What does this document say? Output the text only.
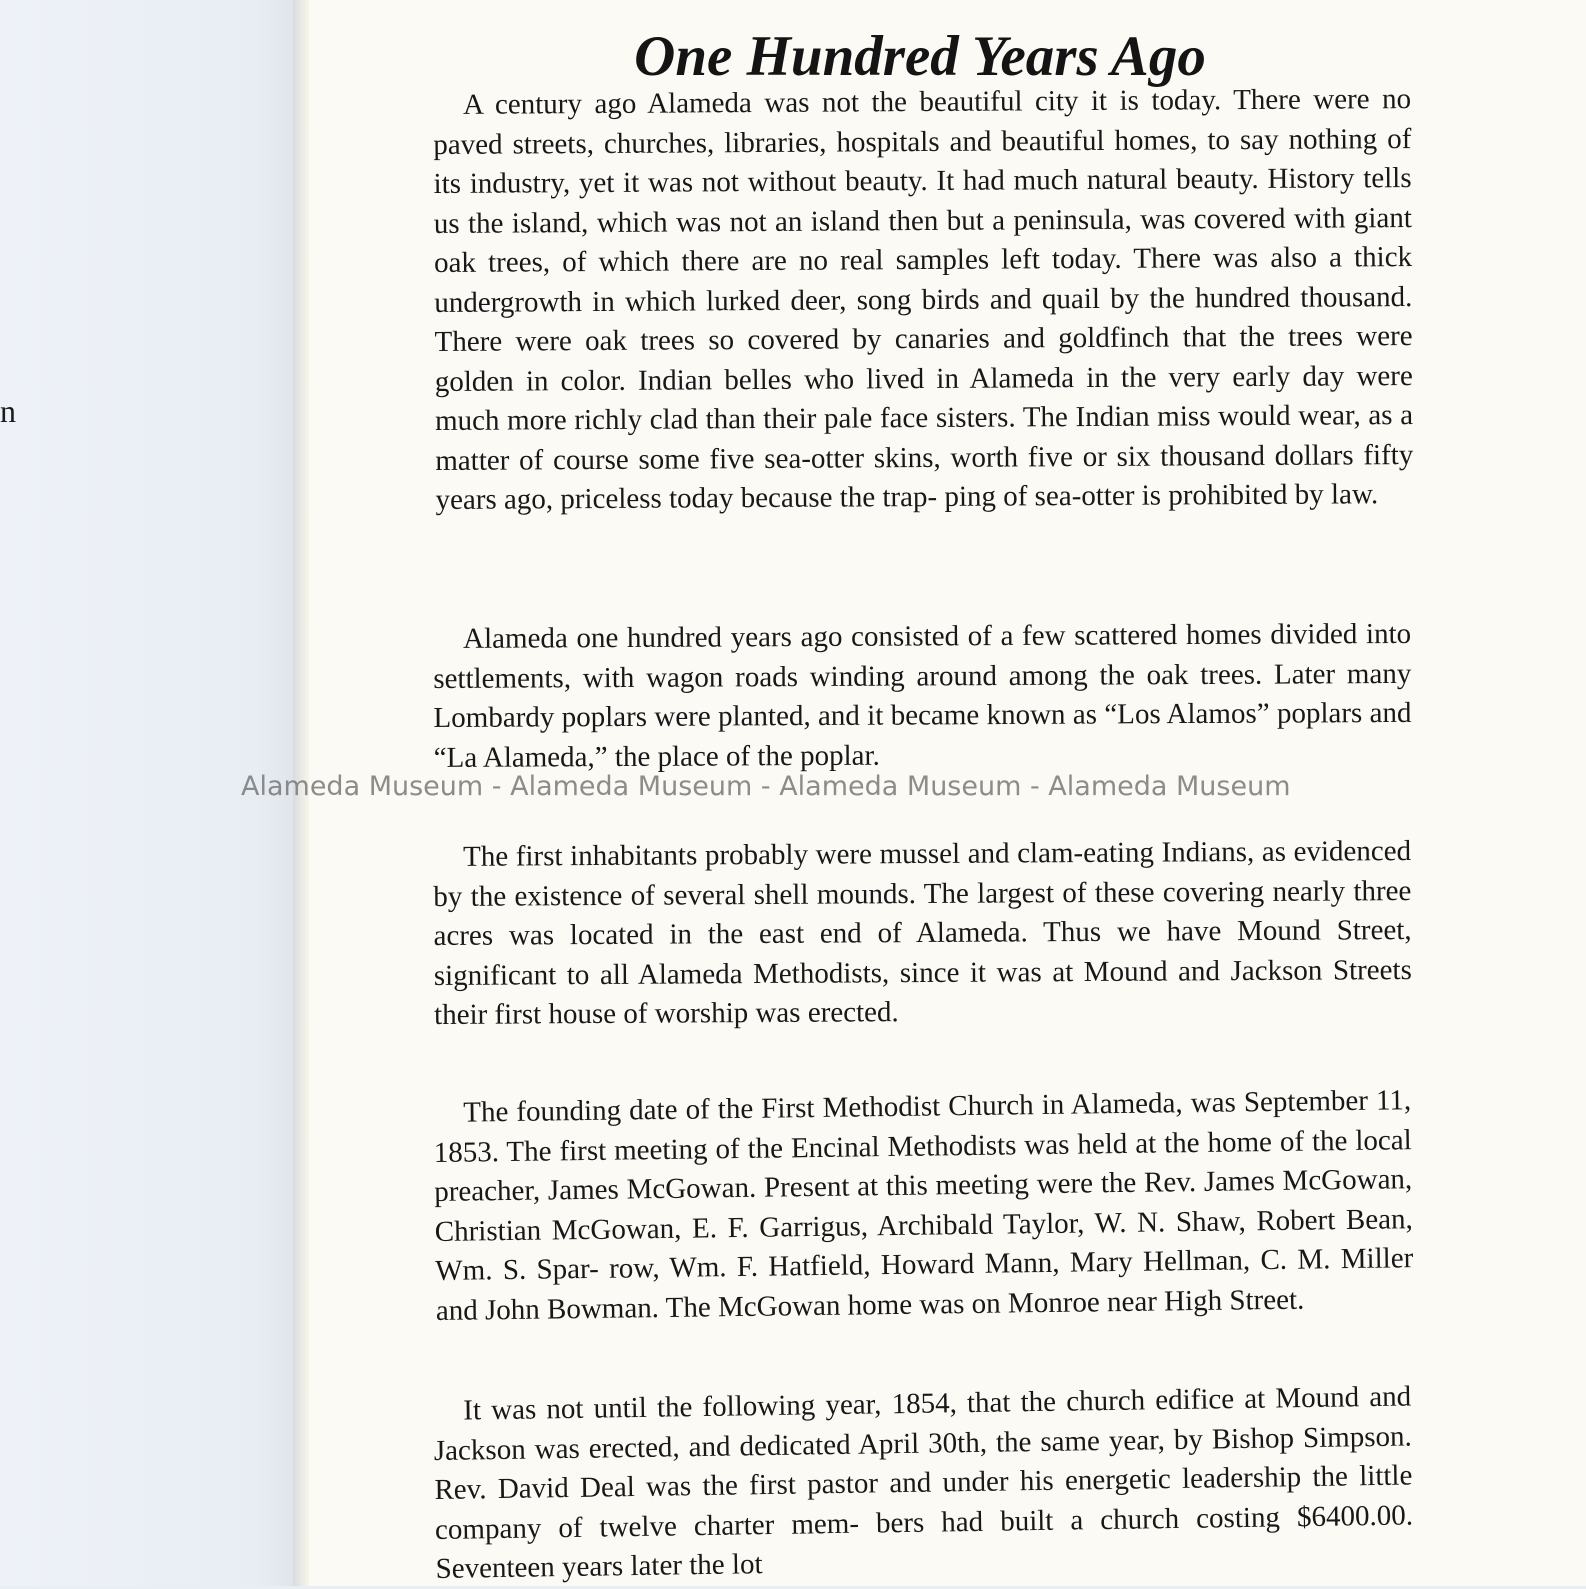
n
One Hundred Years Ago

A century ago Alameda was not the beautiful city it is today. There were no paved streets, churches, libraries, hospitals and beautiful homes, to say nothing of its industry, yet it was not without beauty. It had much natural beauty. History tells us the island, which was not an island then but a peninsula, was covered with giant oak trees, of which there are no real samples left today. There was also a thick undergrowth in which lurked deer, song birds and quail by the hundred thousand. There were oak trees so covered by canaries and goldfinch that the trees were golden in color. Indian belles who lived in Alameda in the very early day were much more richly clad than their pale face sisters. The Indian miss would wear, as a matter of course some five sea-otter skins, worth five or six thousand dollars fifty years ago, priceless today because the trap- ping of sea-otter is prohibited by law.

Alameda one hundred years ago consisted of a few scattered homes divided into settlements, with wagon roads winding around among the oak trees. Later many Lombardy poplars were planted, and it became known as “Los Alamos” poplars and “La Alameda,” the place of the poplar.

The first inhabitants probably were mussel and clam-eating Indians, as evidenced by the existence of several shell mounds. The largest of these covering nearly three acres was located in the east end of Alameda. Thus we have Mound Street, significant to all Alameda Methodists, since it was at Mound and Jackson Streets their first house of worship was erected.

The founding date of the First Methodist Church in Alameda, was September 11, 1853. The first meeting of the Encinal Methodists was held at the home of the local preacher, James McGowan. Present at this meeting were the Rev. James McGowan, Christian McGowan, E. F. Garrigus, Archibald Taylor, W. N. Shaw, Robert Bean, Wm. S. Spar- row, Wm. F. Hatfield, Howard Mann, Mary Hellman, C. M. Miller and John Bowman. The McGowan home was on Monroe near High Street.

It was not until the following year, 1854, that the church edifice at Mound and Jackson was erected, and dedicated April 30th, the same year, by Bishop Simpson. Rev. David Deal was the first pastor and under his energetic leadership the little company of twelve charter mem- bers had built a church costing $6400.00. Seventeen years later the lot

Alameda Museum - Alameda Museum - Alameda Museum - Alameda Museum
